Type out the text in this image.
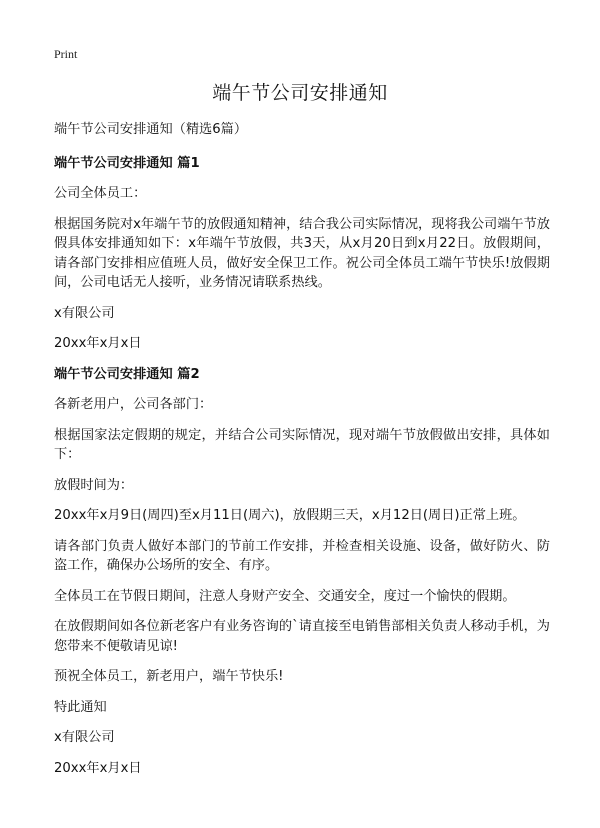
Print
端午节公司安排通知

端午节公司安排通知（精选6篇）

端午节公司安排通知 篇1

公司全体员工：

根据国务院对x年端午节的放假通知精神，结合我公司实际情况，现将我公司端午节放假具体安排通知如下：x年端午节放假，共3天，从x月20日到x月22日。放假期间，请各部门安排相应值班人员，做好安全保卫工作。祝公司全体员工端午节快乐!放假期间，公司电话无人接听，业务情况请联系热线。

x有限公司

20xx年x月x日

端午节公司安排通知 篇2

各新老用户，公司各部门：

根据国家法定假期的规定，并结合公司实际情况，现对端午节放假做出安排，具体如下：

放假时间为：

20xx年x月9日(周四)至x月11日(周六)，放假期三天，x月12日(周日)正常上班。

请各部门负责人做好本部门的节前工作安排，并检查相关设施、设备，做好防火、防盗工作，确保办公场所的安全、有序。

全体员工在节假日期间，注意人身财产安全、交通安全，度过一个愉快的假期。

在放假期间如各位新老客户有业务咨询的`请直接至电销售部相关负责人移动手机，为您带来不便敬请见谅!

预祝全体员工，新老用户，端午节快乐!

特此通知

x有限公司

20xx年x月x日
